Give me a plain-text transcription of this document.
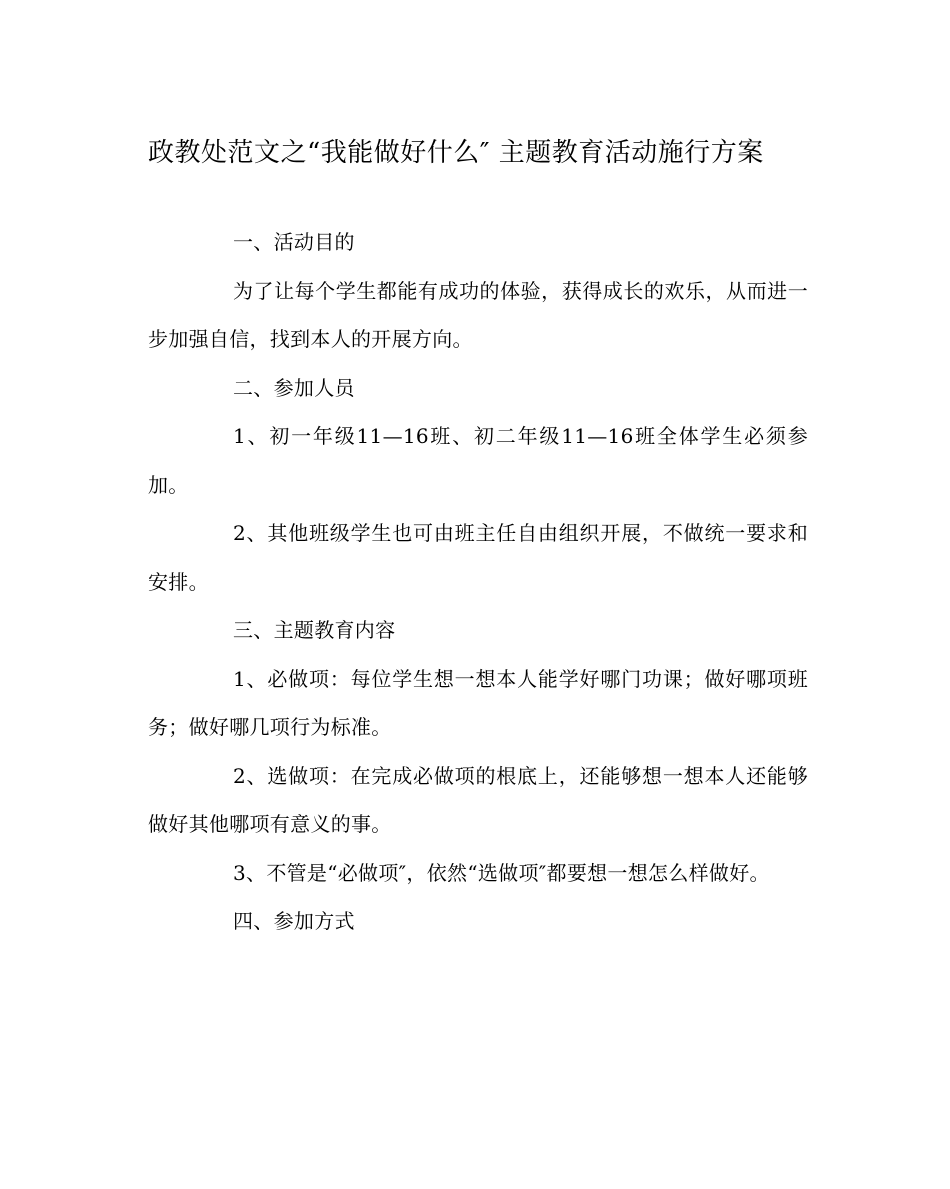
政教处范文之“我能做好什么″ 主题教育活动施行方案

一、活动目的

为了让每个学生都能有成功的体验，获得成长的欢乐，从而进一步加强自信，找到本人的开展方向。

二、参加人员

1、初一年级11—16班、初二年级11—16班全体学生必须参加。

2、其他班级学生也可由班主任自由组织开展，不做统一要求和安排。

三、主题教育内容

1、必做项：每位学生想一想本人能学好哪门功课；做好哪项班务；做好哪几项行为标准。

2、选做项：在完成必做项的根底上，还能够想一想本人还能够做好其他哪项有意义的事。

3、不管是“必做项″，依然“选做项″都要想一想怎么样做好。

四、参加方式
